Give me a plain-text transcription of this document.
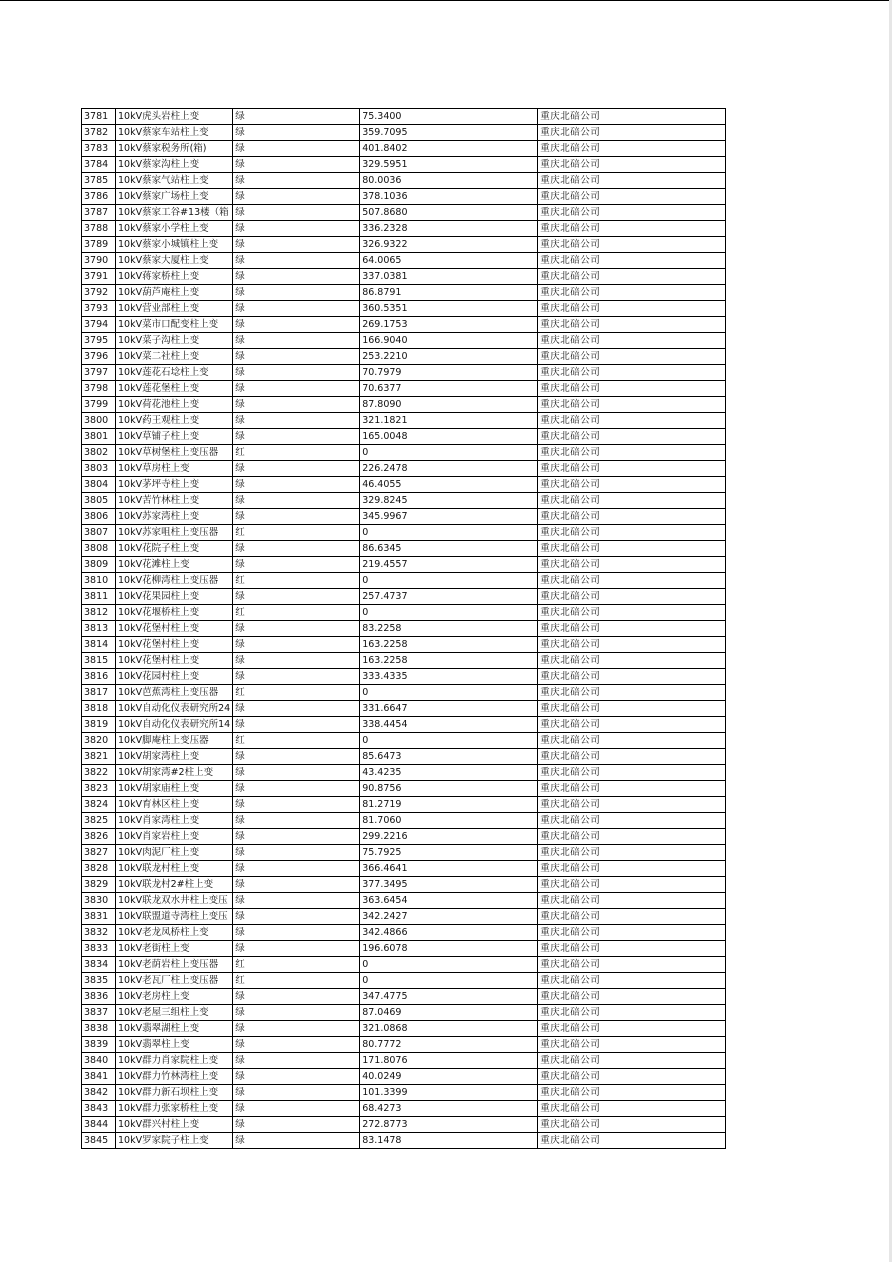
3781	10kV虎头岩柱上变	绿	75.3400	重庆北碚公司
3782	10kV蔡家车站柱上变	绿	359.7095	重庆北碚公司
3783	10kV蔡家税务所(箱)	绿	401.8402	重庆北碚公司
3784	10kV蔡家沟柱上变	绿	329.5951	重庆北碚公司
3785	10kV蔡家气站柱上变	绿	80.0036	重庆北碚公司
3786	10kV蔡家广场柱上变	绿	378.1036	重庆北碚公司
3787	10kV蔡家工谷#13楼（箱	绿	507.8680	重庆北碚公司
3788	10kV蔡家小学柱上变	绿	336.2328	重庆北碚公司
3789	10kV蔡家小城镇柱上变	绿	326.9322	重庆北碚公司
3790	10kV蔡家大厦柱上变	绿	64.0065	重庆北碚公司
3791	10kV蒋家桥柱上变	绿	337.0381	重庆北碚公司
3792	10kV葫芦庵柱上变	绿	86.8791	重庆北碚公司
3793	10kV营业部柱上变	绿	360.5351	重庆北碚公司
3794	10kV菜市口配变柱上变	绿	269.1753	重庆北碚公司
3795	10kV菜子沟柱上变	绿	166.9040	重庆北碚公司
3796	10kV菜二社柱上变	绿	253.2210	重庆北碚公司
3797	10kV莲花石埝柱上变	绿	70.7979	重庆北碚公司
3798	10kV莲花堡柱上变	绿	70.6377	重庆北碚公司
3799	10kV荷花池柱上变	绿	87.8090	重庆北碚公司
3800	10kV药王观柱上变	绿	321.1821	重庆北碚公司
3801	10kV草铺子柱上变	绿	165.0048	重庆北碚公司
3802	10kV草树堡柱上变压器	红	0	重庆北碚公司
3803	10kV草房柱上变	绿	226.2478	重庆北碚公司
3804	10kV茅坪寺柱上变	绿	46.4055	重庆北碚公司
3805	10kV苦竹林柱上变	绿	329.8245	重庆北碚公司
3806	10kV苏家湾柱上变	绿	345.9967	重庆北碚公司
3807	10kV苏家咀柱上变压器	红	0	重庆北碚公司
3808	10kV花院子柱上变	绿	86.6345	重庆北碚公司
3809	10kV花滩柱上变	绿	219.4557	重庆北碚公司
3810	10kV花柳湾柱上变压器	红	0	重庆北碚公司
3811	10kV花果园柱上变	绿	257.4737	重庆北碚公司
3812	10kV花堰桥柱上变	红	0	重庆北碚公司
3813	10kV花堡村柱上变	绿	83.2258	重庆北碚公司
3814	10kV花堡村柱上变	绿	163.2258	重庆北碚公司
3815	10kV花堡村柱上变	绿	163.2258	重庆北碚公司
3816	10kV花园村柱上变	绿	333.4335	重庆北碚公司
3817	10kV芭蕉湾柱上变压器	红	0	重庆北碚公司
3818	10kV自动化仪表研究所24	绿	331.6647	重庆北碚公司
3819	10kV自动化仪表研究所14	绿	338.4454	重庆北碚公司
3820	10kV脚庵柱上变压器	红	0	重庆北碚公司
3821	10kV胡家湾柱上变	绿	85.6473	重庆北碚公司
3822	10kV胡家湾#2柱上变	绿	43.4235	重庆北碚公司
3823	10kV胡家庙柱上变	绿	90.8756	重庆北碚公司
3824	10kV育林区柱上变	绿	81.2719	重庆北碚公司
3825	10kV肖家湾柱上变	绿	81.7060	重庆北碚公司
3826	10kV肖家岩柱上变	绿	299.2216	重庆北碚公司
3827	10kV肉泥厂柱上变	绿	75.7925	重庆北碚公司
3828	10kV联龙村柱上变	绿	366.4641	重庆北碚公司
3829	10kV联龙村2#柱上变	绿	377.3495	重庆北碚公司
3830	10kV联龙双水井柱上变压	绿	363.6454	重庆北碚公司
3831	10kV联盟道寺湾柱上变压	绿	342.2427	重庆北碚公司
3832	10kV老龙凤桥柱上变	绿	342.4866	重庆北碚公司
3833	10kV老街柱上变	绿	196.6078	重庆北碚公司
3834	10kV老荫岩柱上变压器	红	0	重庆北碚公司
3835	10kV老瓦厂柱上变压器	红	0	重庆北碚公司
3836	10kV老房柱上变	绿	347.4775	重庆北碚公司
3837	10kV老屋三组柱上变	绿	87.0469	重庆北碚公司
3838	10kV翡翠湖柱上变	绿	321.0868	重庆北碚公司
3839	10kV翡翠柱上变	绿	80.7772	重庆北碚公司
3840	10kV群力肖家院柱上变	绿	171.8076	重庆北碚公司
3841	10kV群力竹林湾柱上变	绿	40.0249	重庆北碚公司
3842	10kV群力新石坝柱上变	绿	101.3399	重庆北碚公司
3843	10kV群力张家桥柱上变	绿	68.4273	重庆北碚公司
3844	10kV群兴村柱上变	绿	272.8773	重庆北碚公司
3845	10kV罗家院子柱上变	绿	83.1478	重庆北碚公司
